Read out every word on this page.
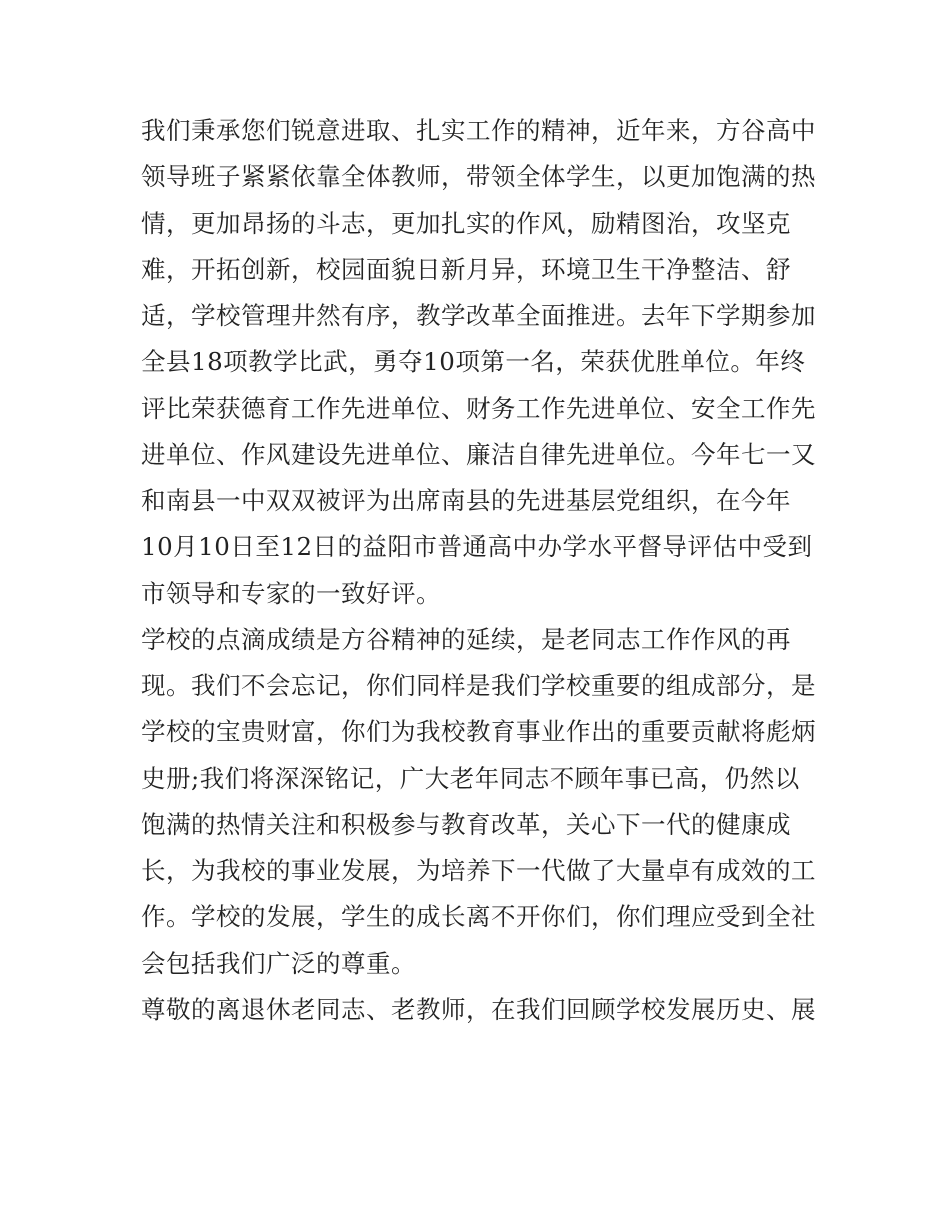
我们秉承您们锐意进取、扎实工作的精神，近年来，方谷高中
领导班子紧紧依靠全体教师，带领全体学生，以更加饱满的热
情，更加昂扬的斗志，更加扎实的作风，励精图治，攻坚克
难，开拓创新，校园面貌日新月异，环境卫生干净整洁、舒
适，学校管理井然有序，教学改革全面推进。去年下学期参加
全县18项教学比武，勇夺10项第一名，荣获优胜单位。年终
评比荣获德育工作先进单位、财务工作先进单位、安全工作先
进单位、作风建设先进单位、廉洁自律先进单位。今年七一又
和南县一中双双被评为出席南县的先进基层党组织，在今年
10月10日至12日的益阳市普通高中办学水平督导评估中受到
市领导和专家的一致好评。
学校的点滴成绩是方谷精神的延续，是老同志工作作风的再
现。我们不会忘记，你们同样是我们学校重要的组成部分，是
学校的宝贵财富，你们为我校教育事业作出的重要贡献将彪炳
史册;我们将深深铭记，广大老年同志不顾年事已高，仍然以
饱满的热情关注和积极参与教育改革，关心下一代的健康成
长，为我校的事业发展，为培养下一代做了大量卓有成效的工
作。学校的发展，学生的成长离不开你们，你们理应受到全社
会包括我们广泛的尊重。
尊敬的离退休老同志、老教师，在我们回顾学校发展历史、展
